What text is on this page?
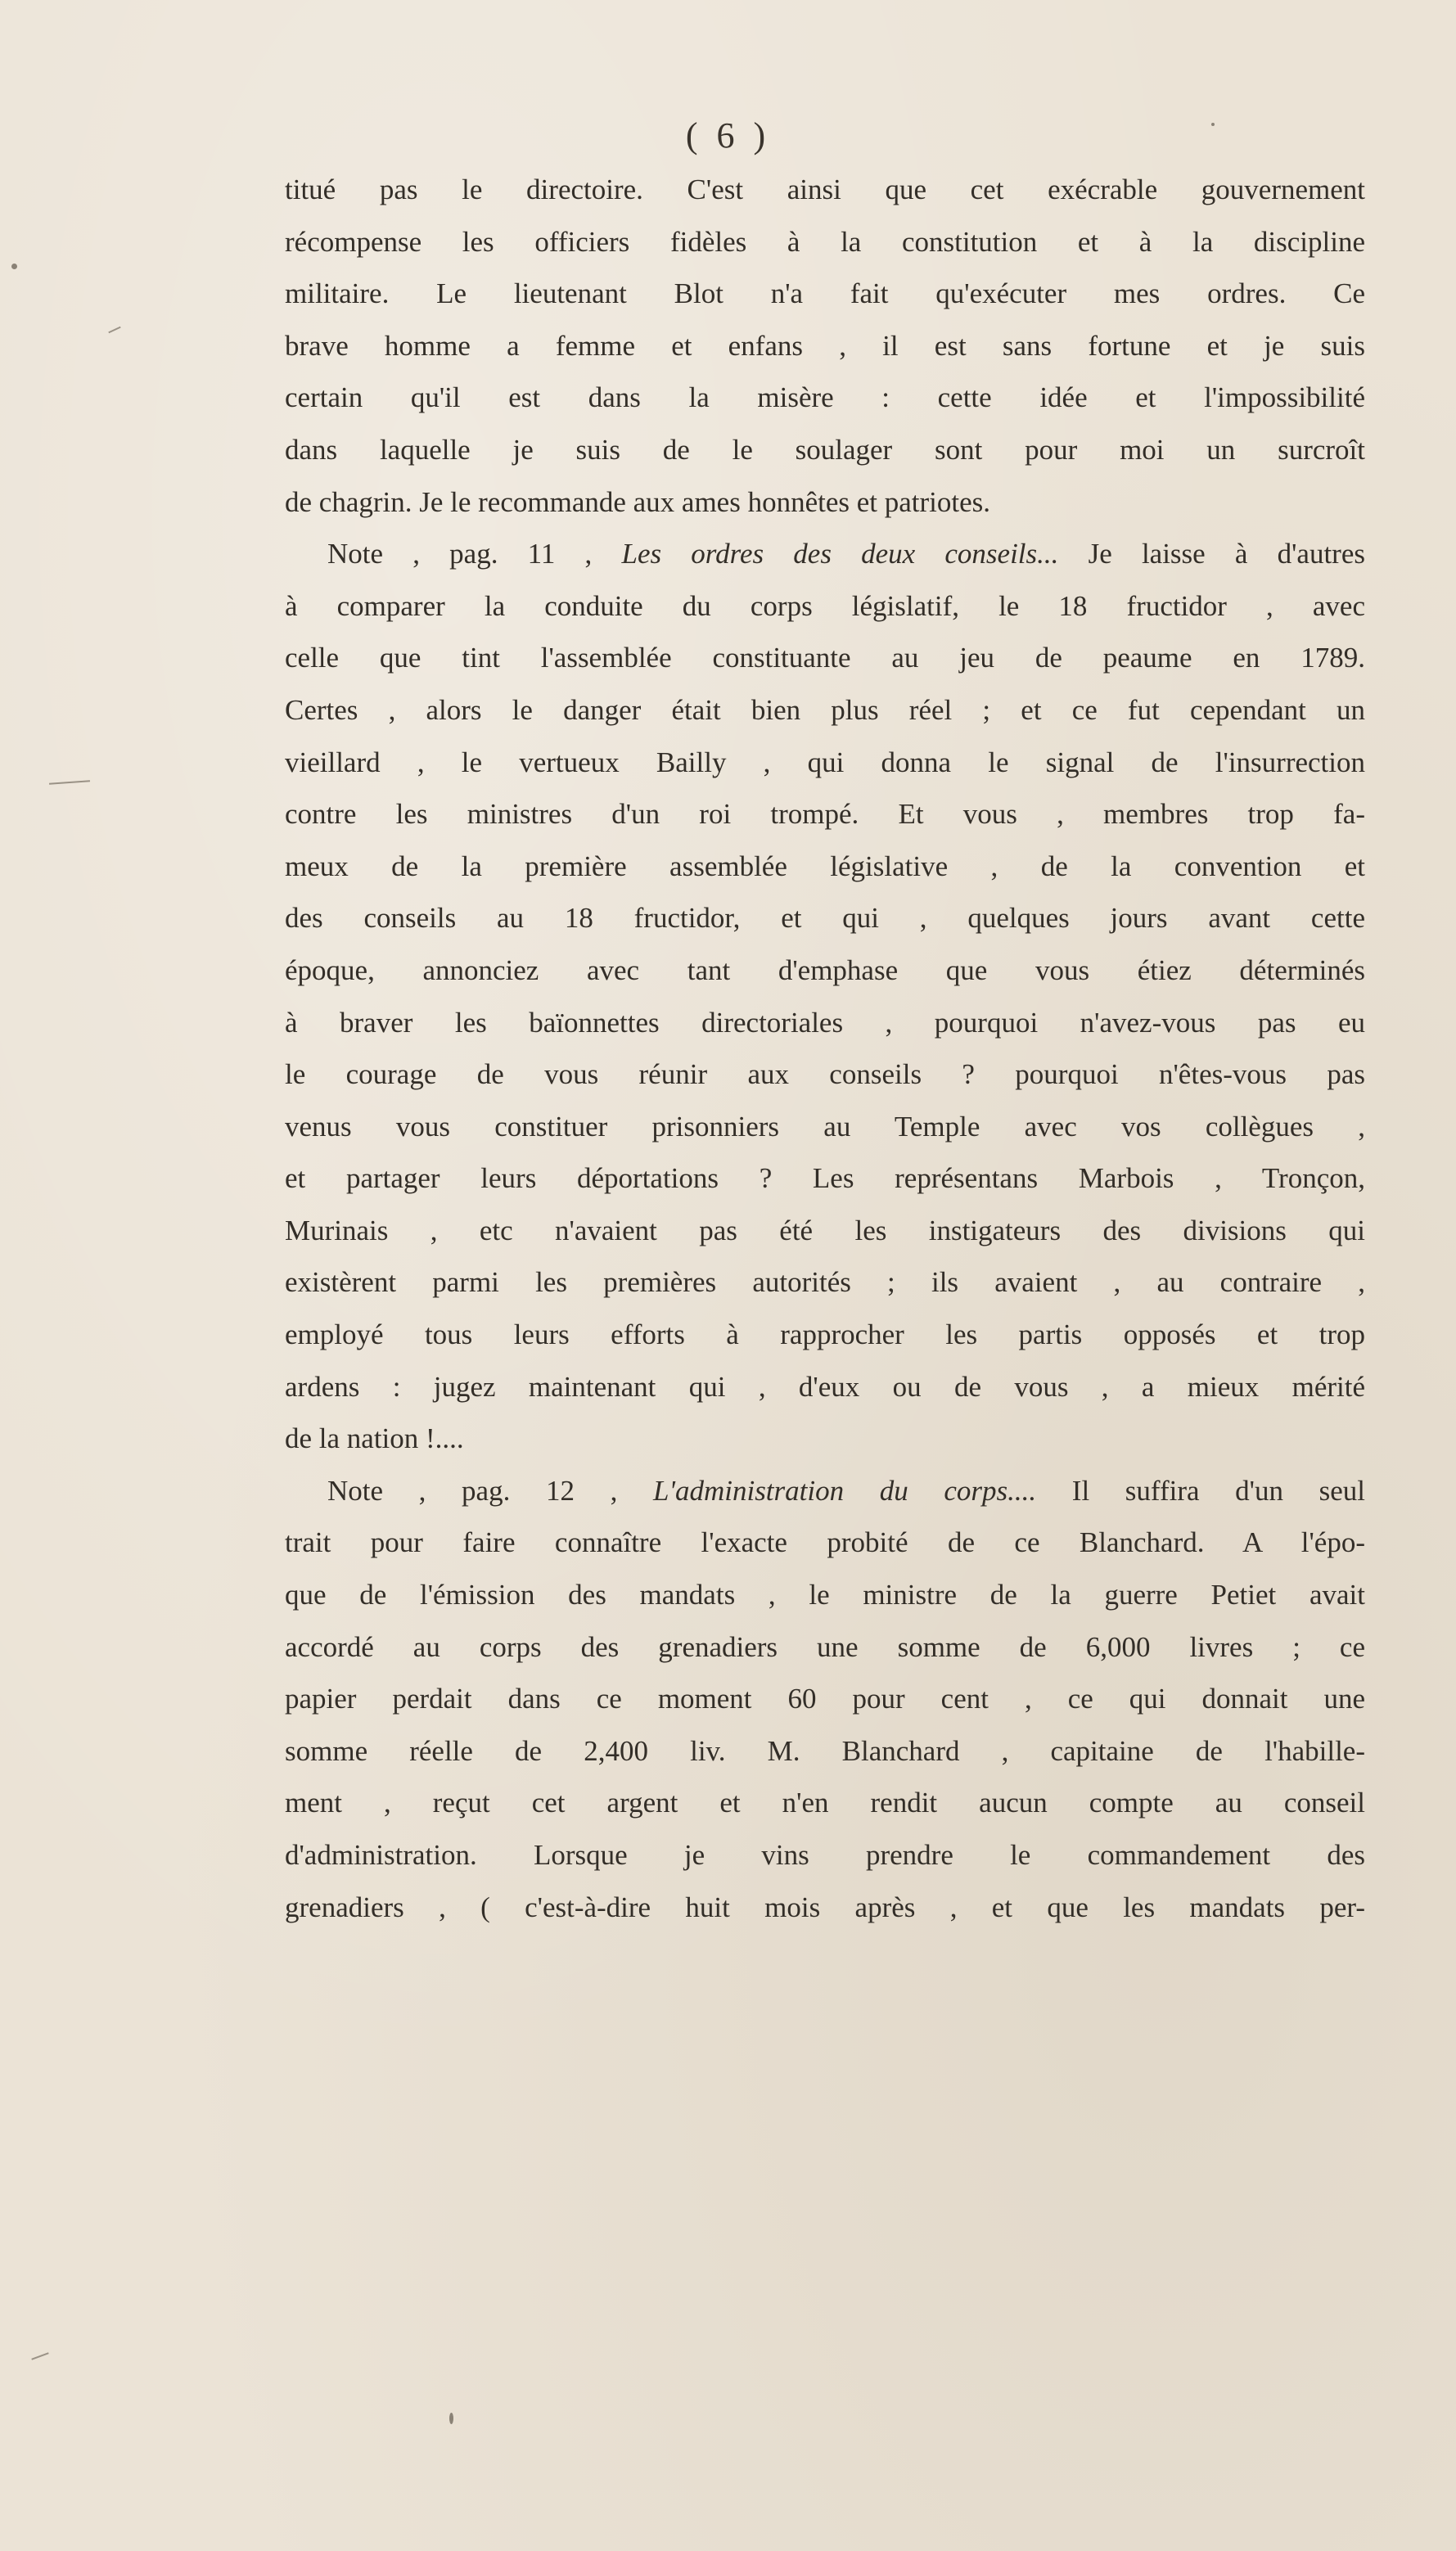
( 6 )
titué pas le directoire. C'est ainsi que cet exécrable gouvernement
récompense les officiers fidèles à la constitution et à la discipline
militaire. Le lieutenant Blot n'a fait qu'exécuter mes ordres. Ce
brave homme a femme et enfans , il est sans fortune et je suis
certain qu'il est dans la misère : cette idée et l'impossibilité
dans laquelle je suis de le soulager sont pour moi un surcroît
de chagrin. Je le recommande aux ames honnêtes et patriotes.
Note , pag. 11 , Les ordres des deux conseils... Je laisse à d'autres
à comparer la conduite du corps législatif, le 18 fructidor , avec
celle que tint l'assemblée constituante au jeu de peaume en 1789.
Certes , alors le danger était bien plus réel ; et ce fut cependant un
vieillard , le vertueux Bailly , qui donna le signal de l'insurrection
contre les ministres d'un roi trompé. Et vous , membres trop fa-
meux de la première assemblée législative , de la convention et
des conseils au 18 fructidor, et qui , quelques jours avant cette
époque, annonciez avec tant d'emphase que vous étiez déterminés
à braver les baïonnettes directoriales , pourquoi n'avez-vous pas eu
le courage de vous réunir aux conseils ? pourquoi n'êtes-vous pas
venus vous constituer prisonniers au Temple avec vos collègues ,
et partager leurs déportations ? Les représentans Marbois , Tronçon,
Murinais , etc n'avaient pas été les instigateurs des divisions qui
existèrent parmi les premières autorités ; ils avaient , au contraire ,
employé tous leurs efforts à rapprocher les partis opposés et trop
ardens : jugez maintenant qui , d'eux ou de vous , a mieux mérité
de la nation !....
Note , pag. 12 , L'administration du corps.... Il suffira d'un seul
trait pour faire connaître l'exacte probité de ce Blanchard. A l'épo-
que de l'émission des mandats , le ministre de la guerre Petiet avait
accordé au corps des grenadiers une somme de 6,000 livres ; ce
papier perdait dans ce moment 60 pour cent , ce qui donnait une
somme réelle de 2,400 liv. M. Blanchard , capitaine de l'habille-
ment , reçut cet argent et n'en rendit aucun compte au conseil
d'administration. Lorsque je vins prendre le commandement des
grenadiers , ( c'est-à-dire huit mois après , et que les mandats per-
